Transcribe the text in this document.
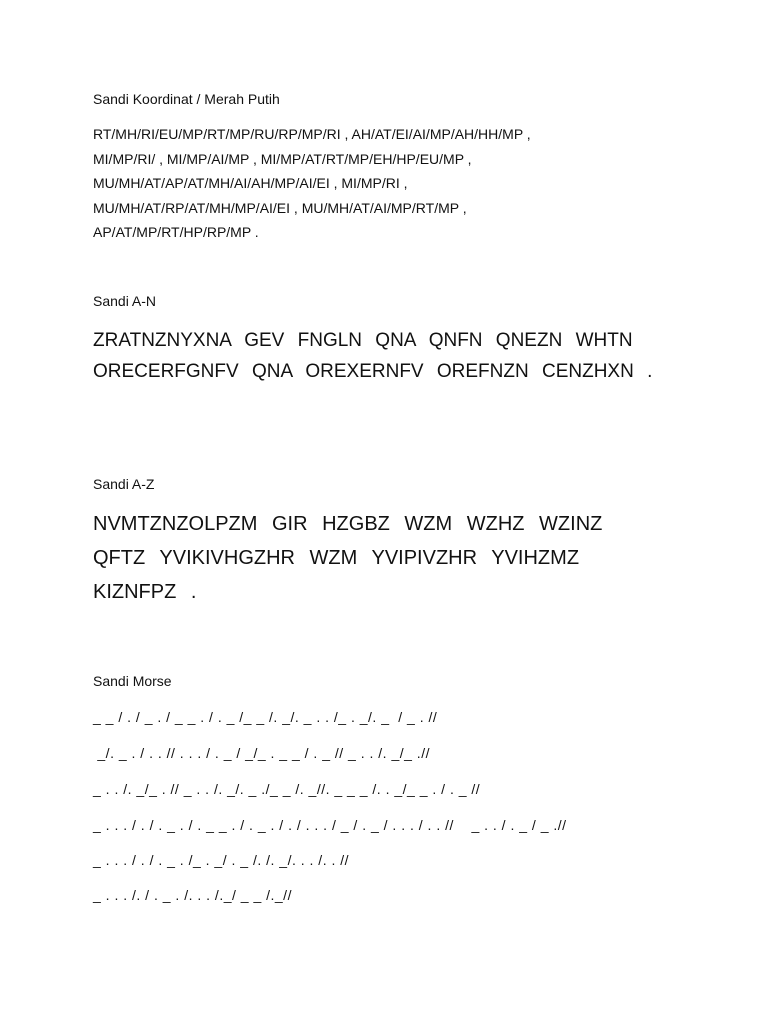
Sandi Koordinat / Merah Putih
RT/MH/RI/EU/MP/RT/MP/RU/RP/MP/RI , AH/AT/EI/AI/MP/AH/HH/MP ,
MI/MP/RI/ , MI/MP/AI/MP , MI/MP/AT/RT/MP/EH/HP/EU/MP ,
MU/MH/AT/AP/AT/MH/AI/AH/MP/AI/EI , MI/MP/RI ,
MU/MH/AT/RP/AT/MH/MP/AI/EI , MU/MH/AT/AI/MP/RT/MP ,
AP/AT/MP/RT/HP/RP/MP .
Sandi A-N
ZRATNZNYXNA GEV FNGLN QNA QNFN QNEZN WHTN
ORECERFGNFV QNA OREXERNFV OREFNZN CENZHXN .
Sandi A-Z
NVMTZNZOLPZM GIR HZGBZ WZM WZHZ WZINZ
QFTZ YVIKIVHGZHR WZM YVIPIVZHR YVIHZMZ
KIZNFPZ .
Sandi Morse
_ _ / . / _ . / _ _ . / . _ /_ _ /. _/. _ . . /_ . _/. _  / _ . //
_/. _ . / . . // . . . / . _ / _/_ . _ _ / . _ // _ . . /. _/_ .//
_ . . /. _/_ . // _ . . /. _/. _ ./_ _ /. _//. _ _ _ /. . _/_ _ . / . _ //
_ . . . / . / . _ . / . _ _ . / . _ . / . / . . . / _ / . _ / . . . / . . //    _ . . / . _ / _ .//
_ . . . / . / . _ . /_ . _/ . _ /. /. _/. . . /. . //
_ . . . /. / . _ . /. . . /._/ _ _ /._//
